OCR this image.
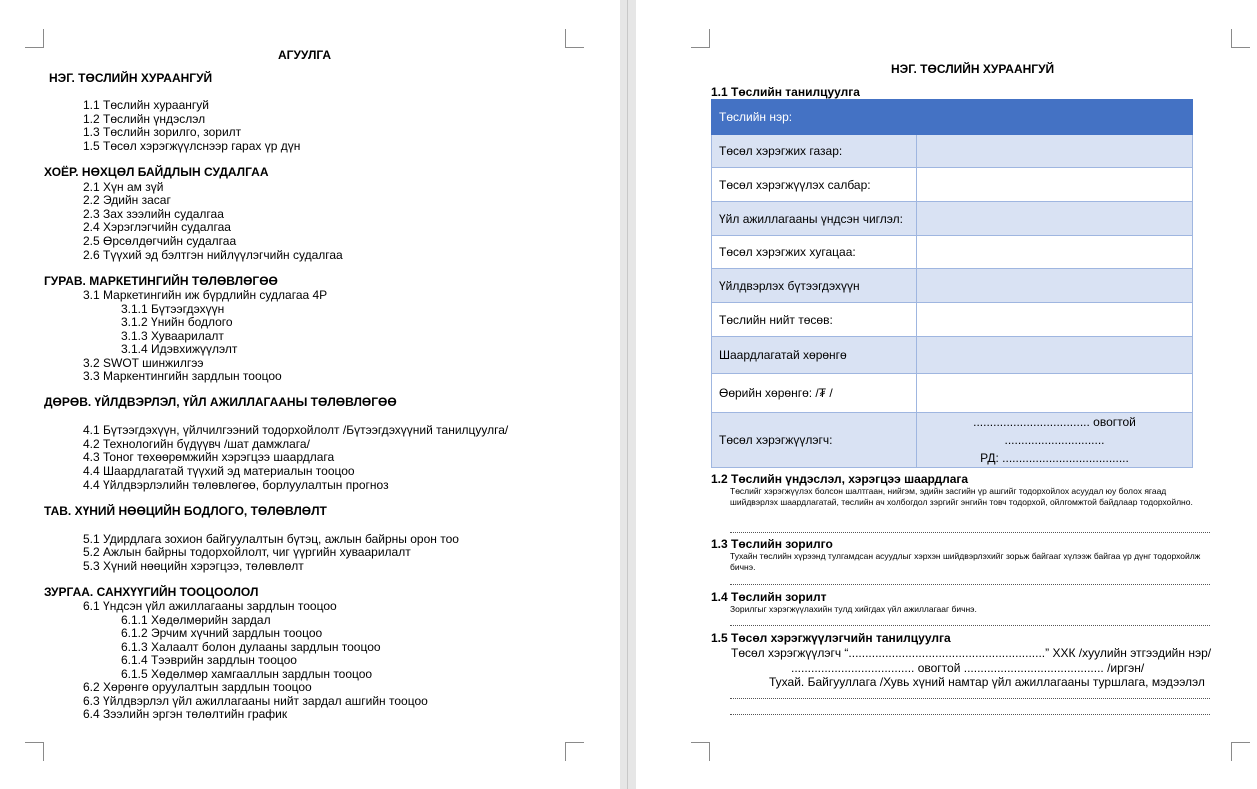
АГУУЛГА
НЭГ. ТӨСЛИЙН ХУРААНГУЙ
1.1 Төслийн хураангуй
1.2 Төслийн үндэслэл
1.3 Төслийн зорилго, зорилт
1.5 Төсөл хэрэгжүүлснээр гарах үр дүн
ХОЁР. НӨХЦӨЛ БАЙДЛЫН СУДАЛГАА
2.1 Хүн ам зүй
2.2 Эдийн засаг
2.3 Зах зээлийн судалгаа
2.4 Хэрэглэгчийн судалгаа
2.5 Өрсөлдөгчийн судалгаа
2.6 Түүхий эд бэлтгэн нийлүүлэгчийн судалгаа
ГУРАВ. МАРКЕТИНГИЙН ТӨЛӨВЛӨГӨӨ
3.1 Маркетингийн иж бүрдлийн судлагаа 4P
3.1.1 Бүтээгдэхүүн
3.1.2 Үнийн бодлого
3.1.3 Хуваарилалт
3.1.4 Идэвхижүүлэлт
3.2 SWOT шинжилгээ
3.3 Маркентингийн зардлын тооцоо
ДӨРӨВ. ҮЙЛДВЭРЛЭЛ, ҮЙЛ АЖИЛЛАГААНЫ ТӨЛӨВЛӨГӨӨ
4.1 Бүтээгдэхүүн, үйлчилгээний тодорхойлолт /Бүтээгдэхүүний танилцуулга/
4.2 Технологийн бүдүүвч /шат дамжлага/
4.3 Тоног төхөөрөмжийн хэрэгцээ шаардлага
4.4 Шаардлагатай түүхий эд материалын тооцоо
4.4 Үйлдвэрлэлийн төлөвлөгөө, борлуулалтын прогноз
ТАВ. ХҮНИЙ НӨӨЦИЙН БОДЛОГО, ТӨЛӨВЛӨЛТ
5.1 Удирдлага зохион байгуулалтын бүтэц, ажлын байрны орон тоо
5.2 Ажлын байрны тодорхойлолт, чиг үүргийн хуваарилалт
5.3 Хүний нөөцийн хэрэгцээ, төлөвлөлт
ЗУРГАА. САНХҮҮГИЙН ТООЦООЛОЛ
6.1 Үндсэн үйл ажиллагааны зардлын тооцоо
6.1.1 Хөдөлмөрийн зардал
6.1.2 Эрчим хүчний зардлын тооцоо
6.1.3 Халаалт болон дулааны зардлын тооцоо
6.1.4 Тээврийн зардлын тооцоо
6.1.5 Хөдөлмөр хамгааллын зардлын тооцоо
6.2 Хөрөнгө оруулалтын зардлын тооцоо
6.3 Үйлдвэрлэл үйл ажиллагааны нийт зардал ашгийн тооцоо
6.4 Зээлийн эргэн төлөлтийн график
НЭГ. ТӨСЛИЙН ХУРААНГУЙ
1.1 Төслийн танилцуулга
Төслийн нэр:	
Төсөл хэрэгжих газар:	
Төсөл хэрэгжүүлэх салбар:	
Үйл ажиллагааны үндсэн чиглэл:	
Төсөл хэрэгжих хугацаа:	
Үйлдвэрлэх бүтээгдэхүүн	
Төслийн нийт төсөв:	
Шаардлагатай хөрөнгө	
Өөрийн хөрөнгө: /₮ /	
Төсөл хэрэгжүүлэгч:	................................... овогтой ..............................
РД: ......................................
1.2 Төслийн үндэслэл, хэрэгцээ шаардлага
Төслийг хэрэгжүүлэх болсон шалтгаан, нийгэм, эдийн засгийн үр ашгийг тодорхойлох асуудал юу болох ягаад шийдвэрлэх шаардлагатай, төслийн ач холбогдол зэргийг энгийн товч тодорхой, ойлгомжтой байдлаар тодорхойлно.
1.3 Төслийн зорилго
Тухайн төслийн хүрээнд тулгамдсан асуудлыг хэрхэн шийдвэрлэхийг зорьж байгааг хүлээж байгаа үр дүнг тодорхойлж бичнэ.
1.4 Төслийн зорилт
Зорилгыг хэрэгжүүлахийн тулд хийгдах үйл ажиллагааг бичнэ.
1.5 Төсөл хэрэгжүүлэгчийн танилцуулга
Төсөл хэрэгжүүлэгч “...........................................................” ХХК /хуулийн этгээдийн нэр/
..................................... овогтой .......................................... /иргэн/
Тухай. Байгууллага /Хувь хүний намтар үйл ажиллагааны туршлага, мэдээлэл
